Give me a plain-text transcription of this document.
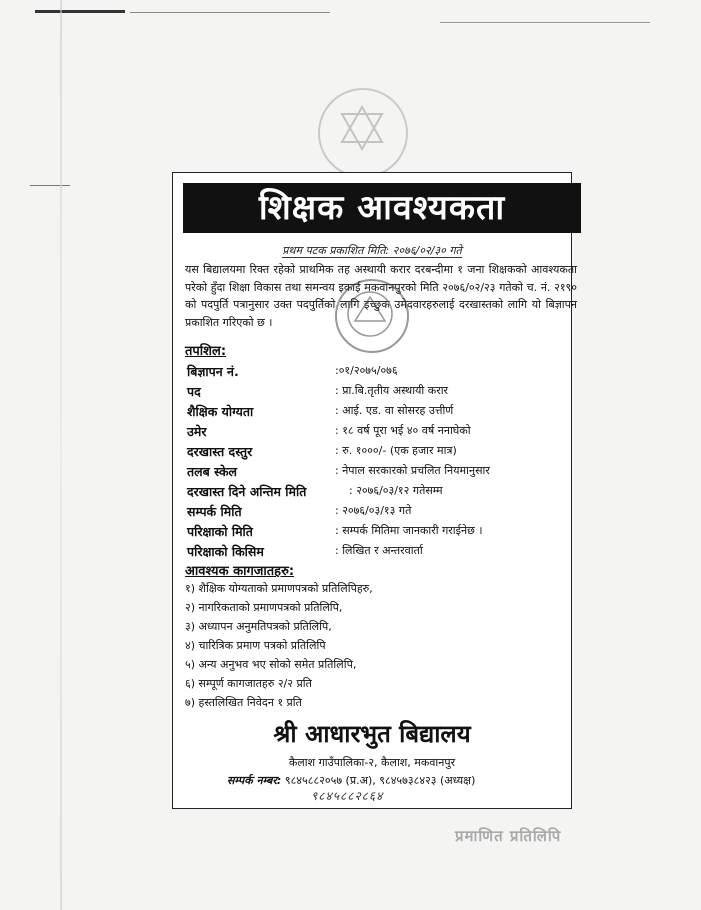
शिक्षक आवश्यकता
प्रथम पटक प्रकाशित मिति: २०७६/०२/३० गते
यस बिद्यालयमा रिक्त रहेको प्राथमिक तह अस्थायी करार दरबन्दीमा १ जना शिक्षकको आवश्यकता परेको हुँदा शिक्षा विकास तथा समन्वय इकाई मकवानपुरको मिति २०७६/०२/२३ गतेको च. नं. २१९० को पदपुर्ति पत्रानुसार उक्त पदपुर्तिको लागि इच्छुक उमेदवारहरुलाई दरखास्तको लागि यो बिज्ञापन प्रकाशित गरिएको छ ।
तपशिल:
बिज्ञापन नं.	:०१/२०७५/०७६
पद	: प्रा.बि.तृतीय अस्थायी करार
शैक्षिक योग्यता	: आई. एड. वा सोसरह उत्तीर्ण
उमेर	: १८ वर्ष पूरा भई ४० वर्ष ननाघेको
दरखास्त दस्तुर	: रु. १०००/- (एक हजार मात्र)
तलब स्केल	: नेपाल सरकारको प्रचलित नियमानुसार
दरखास्त दिने अन्तिम मिति	: २०७६/०३/१२ गतेसम्म
सम्पर्क मिति	: २०७६/०३/१३ गते
परिक्षाको मिति	: सम्पर्क मितिमा जानकारी गराईनेछ ।
परिक्षाको किसिम	: लिखित र अन्तरवार्ता
आवश्यक कागजातहरु:
१) शैक्षिक योग्यताको प्रमाणपत्रको प्रतिलिपिहरु,
२) नागरिकताको प्रमाणपत्रको प्रतिलिपि,
३) अध्यापन अनुमतिपत्रको प्रतिलिपि,
४) चारित्रिक प्रमाण पत्रको प्रतिलिपि
५) अन्य अनुभव भए सोको समेत प्रतिलिपि,
६) सम्पूर्ण कागजातहरु २/२ प्रति
७) हस्तलिखित निवेदन १ प्रति
श्री आधारभुत बिद्यालय
कैलाश गाउँपालिका-२, कैलाश, मकवानपुर
सम्पर्क नम्बर: ९८४५८८२०५७ (प्र.अ), ९८४५७३८४२३ (अध्यक्ष)
९८४५८८२८६४
प्रमाणित प्रतिलिपि
